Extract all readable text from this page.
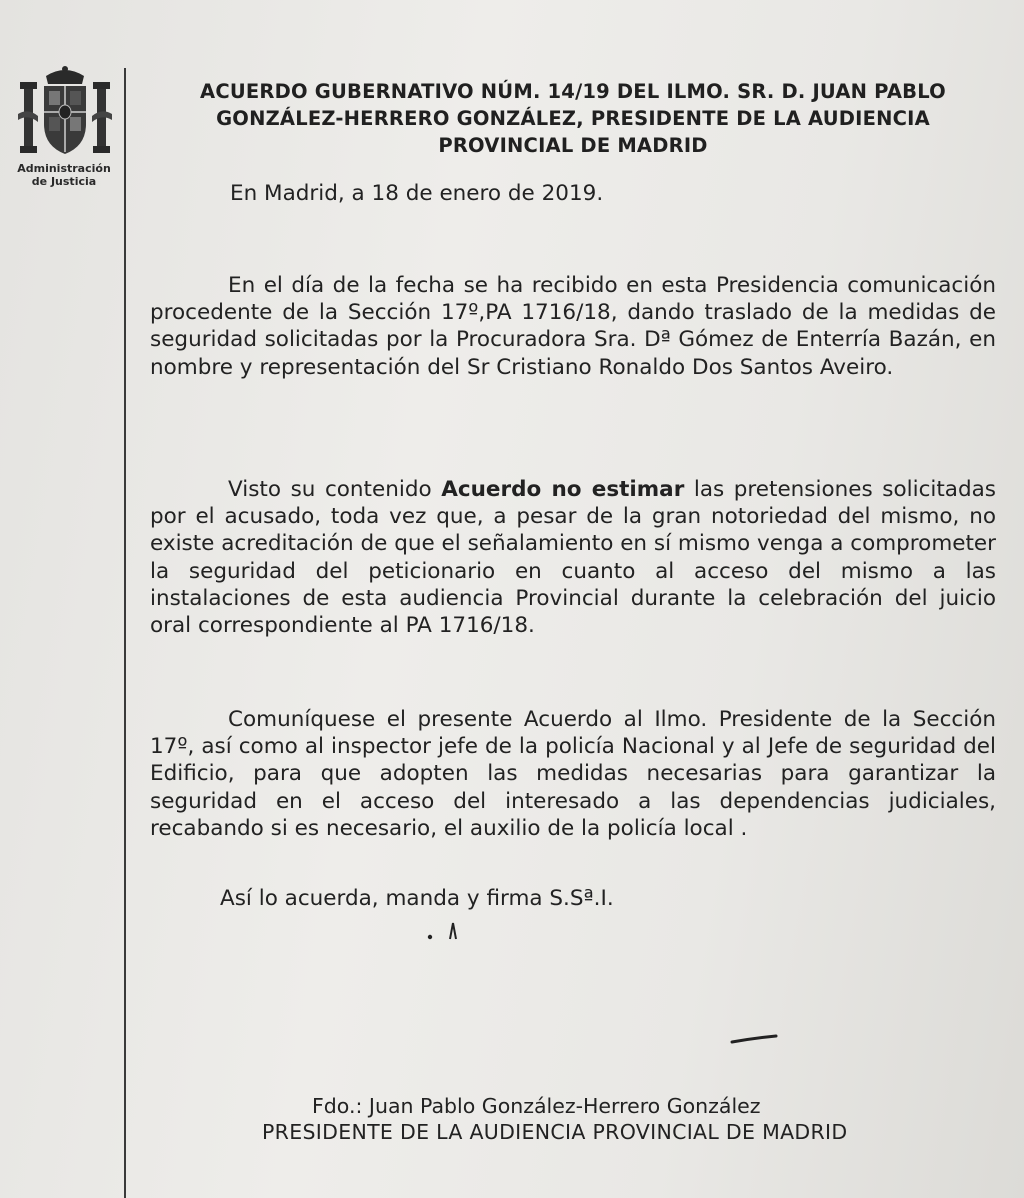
Administración
de Justicia
ACUERDO GUBERNATIVO NÚM. 14/19 DEL ILMO. SR. D. JUAN PABLO GONZÁLEZ-HERRERO GONZÁLEZ, PRESIDENTE DE LA AUDIENCIA PROVINCIAL DE MADRID
En Madrid, a 18 de enero de 2019.
En el día de la fecha se ha recibido en esta Presidencia comunicación procedente de la Sección 17º,PA 1716/18, dando traslado de la medidas de seguridad solicitadas por la Procuradora Sra. Dª Gómez de Enterría Bazán, en nombre y representación del Sr Cristiano Ronaldo Dos Santos Aveiro.
Visto su contenido Acuerdo no estimar las pretensiones solicitadas por el acusado, toda vez que, a pesar de la gran notoriedad del mismo, no existe acreditación de que el señalamiento en sí mismo venga a comprometer la seguridad del peticionario en cuanto al acceso del mismo a las instalaciones de esta audiencia Provincial durante la celebración del juicio oral correspondiente al PA 1716/18.
Comuníquese el presente Acuerdo al Ilmo. Presidente de la Sección 17º, así como al inspector jefe de la policía Nacional y al Jefe de seguridad del Edificio, para que adopten las medidas necesarias para garantizar la seguridad en el acceso del interesado a las dependencias judiciales, recabando si es necesario, el auxilio de la policía local .
Así lo acuerda, manda y firma S.Sª.I.
Fdo.: Juan Pablo González-Herrero González
PRESIDENTE DE LA AUDIENCIA PROVINCIAL DE MADRID
